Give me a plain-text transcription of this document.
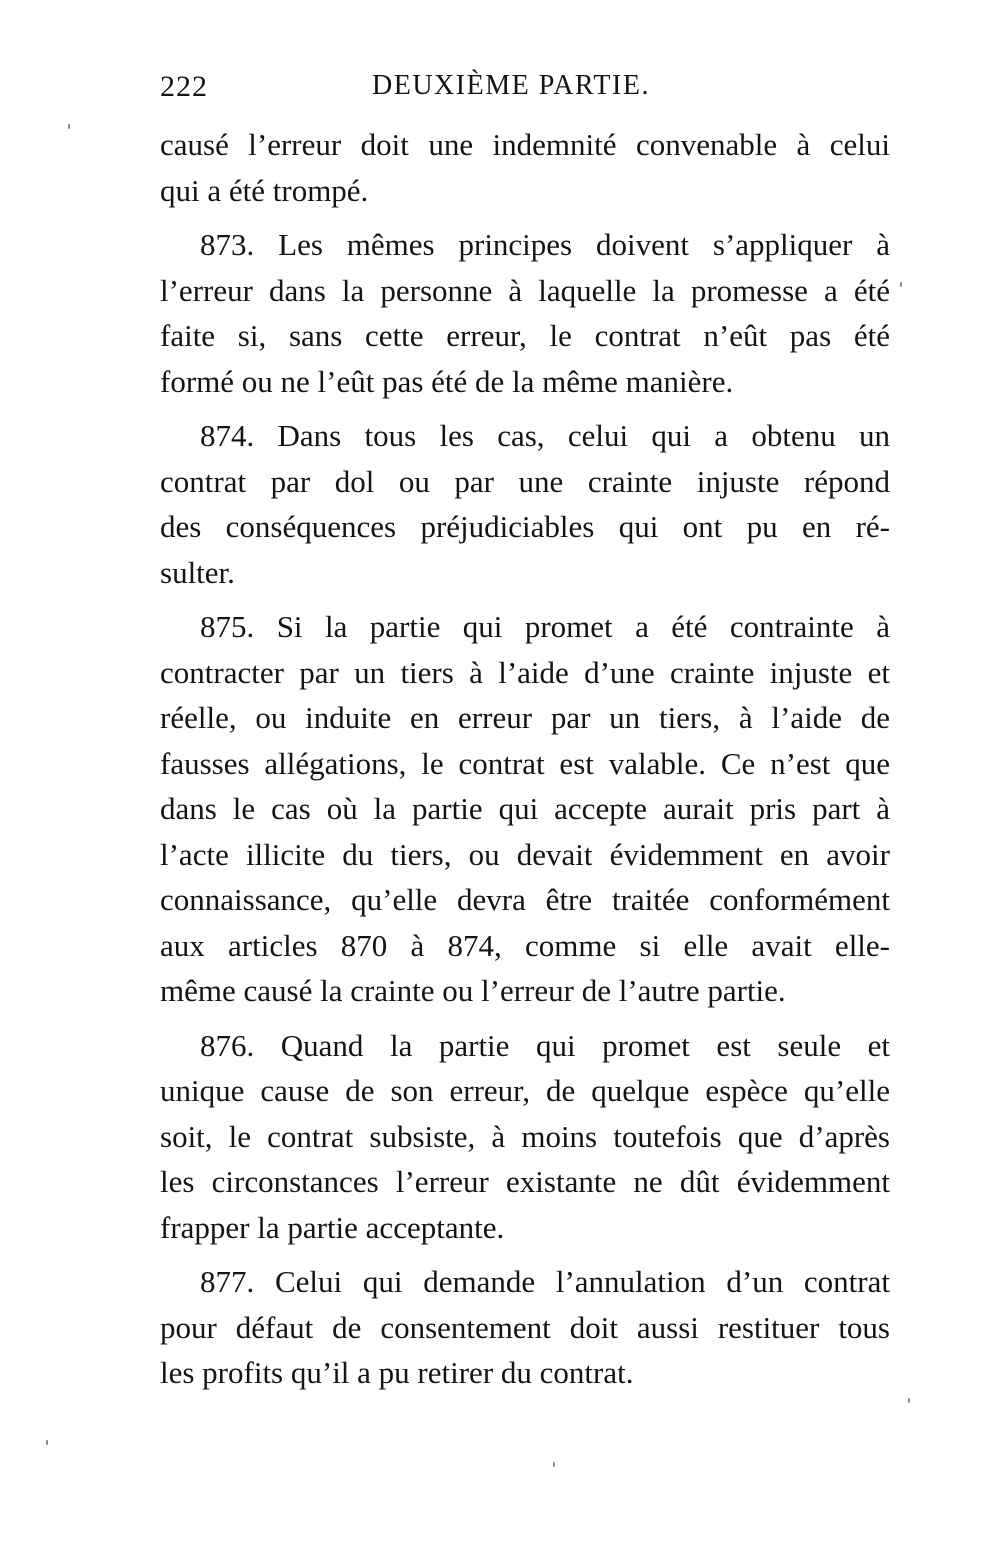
222	DEUXIÈME PARTIE.

causé l’erreur doit une indemnité convenable à celui
qui a été trompé.

873. Les mêmes principes doivent s’appliquer à
l’erreur dans la personne à laquelle la promesse a été
faite si, sans cette erreur, le contrat n’eût pas été
formé ou ne l’eût pas été de la même manière.

874. Dans tous les cas, celui qui a obtenu un
contrat par dol ou par une crainte injuste répond
des conséquences préjudiciables qui ont pu en ré-
sulter.

875. Si la partie qui promet a été contrainte à
contracter par un tiers à l’aide d’une crainte injuste et
réelle, ou induite en erreur par un tiers, à l’aide de
fausses allégations, le contrat est valable. Ce n’est que
dans le cas où la partie qui accepte aurait pris part à
l’acte illicite du tiers, ou devait évidemment en avoir
connaissance, qu’elle devra être traitée conformément
aux articles 870 à 874, comme si elle avait elle-
même causé la crainte ou l’erreur de l’autre partie.

876. Quand la partie qui promet est seule et
unique cause de son erreur, de quelque espèce qu’elle
soit, le contrat subsiste, à moins toutefois que d’après
les circonstances l’erreur existante ne dût évidemment
frapper la partie acceptante.

877. Celui qui demande l’annulation d’un contrat
pour défaut de consentement doit aussi restituer tous
les profits qu’il a pu retirer du contrat.
